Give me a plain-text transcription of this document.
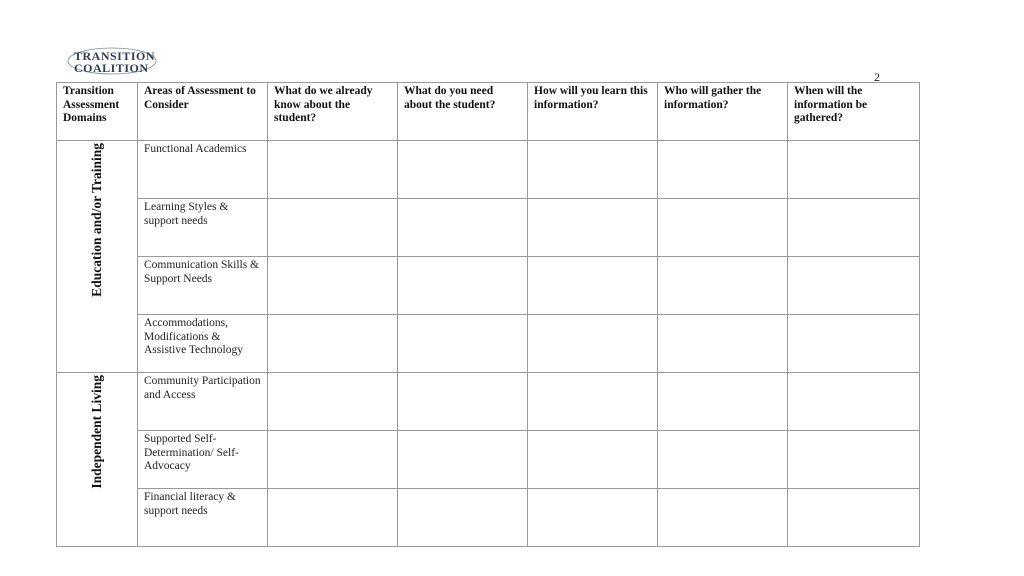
TRANSITION
COALITION
2
Transition Assessment Domains	Areas of Assessment to Consider	What do we already know about the student?	What do you need about the student?	How will you learn this information?	Who will gather the information?	When will the information be gathered?
Education and/or Training	Functional Academics					
	Learning Styles & support needs					
	Communication Skills & Support Needs					
	Accommodations, Modifications & Assistive Technology					
Independent Living	Community Participation and Access					
	Supported Self-Determination/ Self-Advocacy					
	Financial literacy & support needs					
